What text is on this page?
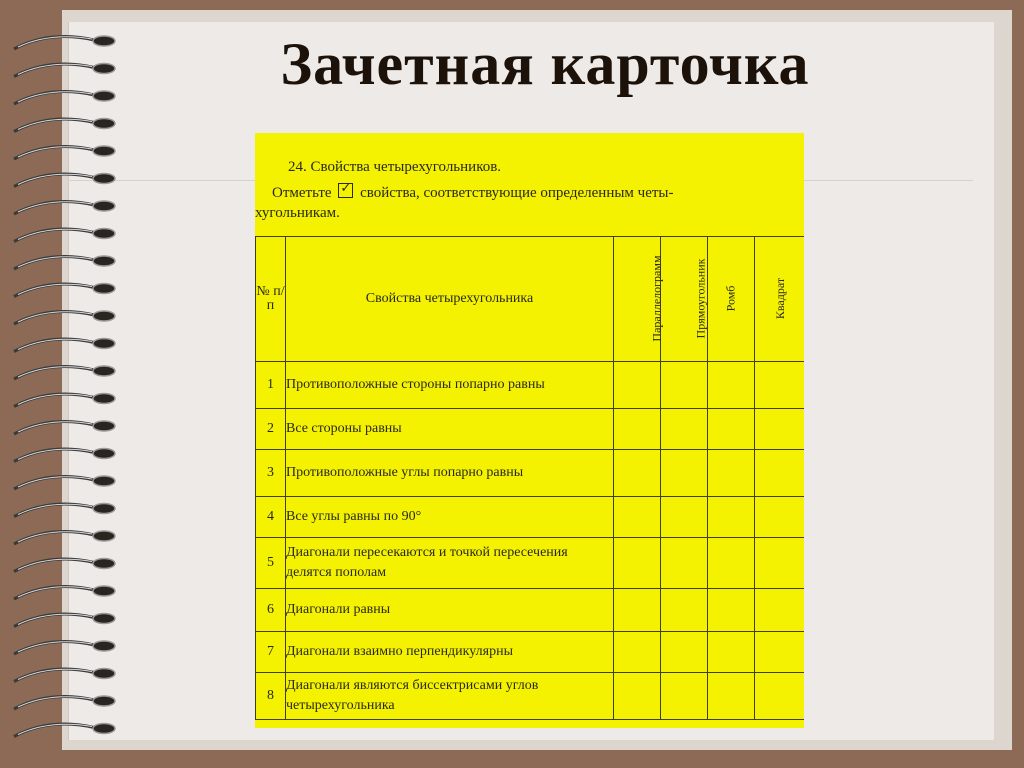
Зачетная карточка
24. Свойства четырехугольников.
Отметьте ✓ свойства, соответствующие определенным четы-
хугольникам.
№ п/п	Свойства четырехугольника	Параллелограмм	Прямоугольник	Ромб	Квадрат
1	Противоположные стороны попарно равны				
2	Все стороны равны				
3	Противоположные углы попарно равны				
4	Все углы равны по 90°				
5	Диагонали пересекаются и точкой пересечения делятся пополам				
6	Диагонали равны				
7	Диагонали взаимно перпендикулярны				
8	Диагонали являются биссектрисами углов четырехугольника				
